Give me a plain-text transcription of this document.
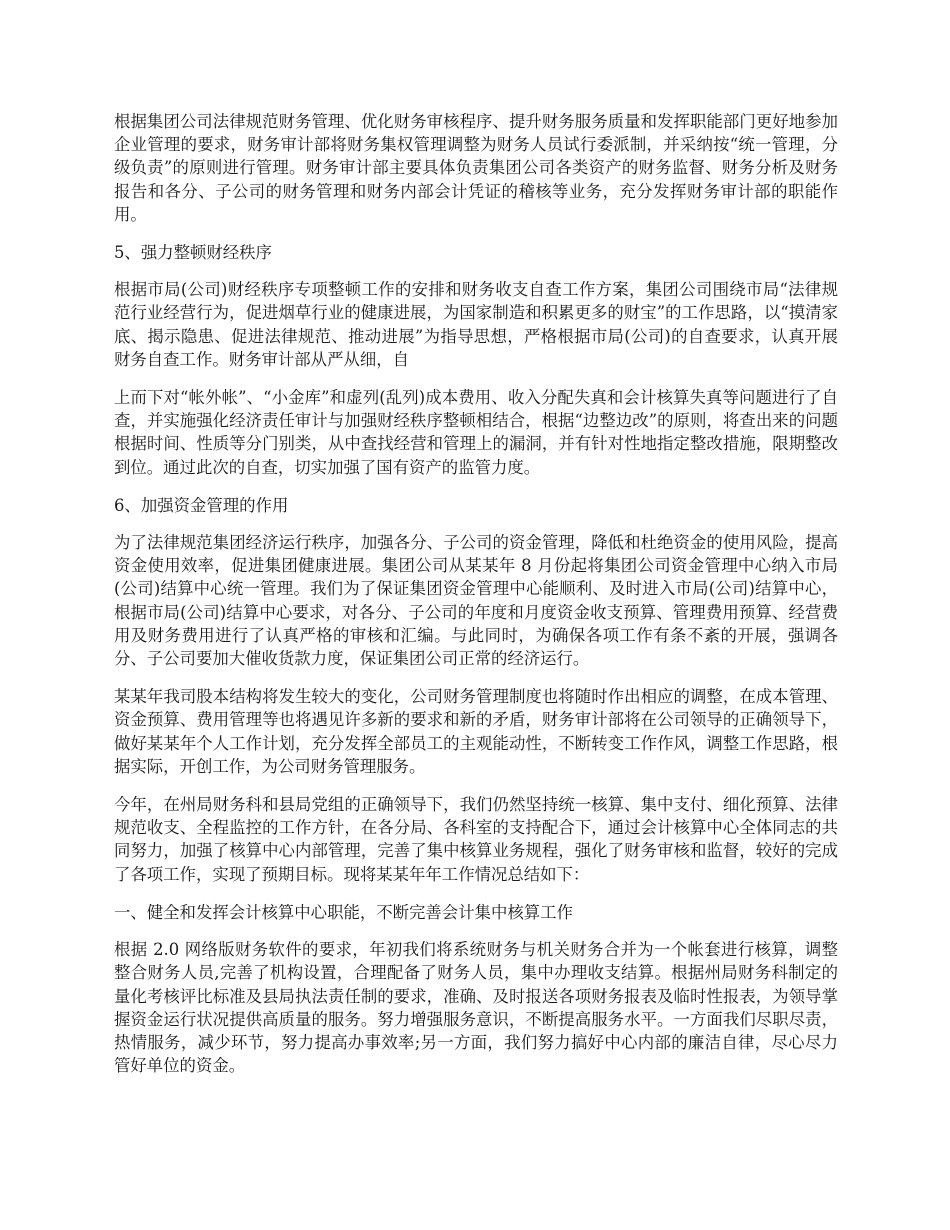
根据集团公司法律规范财务管理、优化财务审核程序、提升财务服务质量和发挥职能部门更好地参加企业管理的要求，财务审计部将财务集权管理调整为财务人员试行委派制，并采纳按“统一管理，分级负责”的原则进行管理。财务审计部主要具体负责集团公司各类资产的财务监督、财务分析及财务报告和各分、子公司的财务管理和财务内部会计凭证的稽核等业务，充分发挥财务审计部的职能作用。

5、强力整顿财经秩序

根据市局(公司)财经秩序专项整顿工作的安排和财务收支自查工作方案，集团公司围绕市局“法律规范行业经营行为，促进烟草行业的健康进展，为国家制造和积累更多的财宝”的工作思路，以“摸清家底、揭示隐患、促进法律规范、推动进展”为指导思想，严格根据市局(公司)的自查要求，认真开展财务自查工作。财务审计部从严从细，自

上而下对“帐外帐”、“小金库”和虚列(乱列)成本费用、收入分配失真和会计核算失真等问题进行了自查，并实施强化经济责任审计与加强财经秩序整顿相结合，根据“边整边改”的原则，将查出来的问题根据时间、性质等分门别类，从中查找经营和管理上的漏洞，并有针对性地指定整改措施，限期整改到位。通过此次的自查，切实加强了国有资产的监管力度。

6、加强资金管理的作用

为了法律规范集团经济运行秩序，加强各分、子公司的资金管理，降低和杜绝资金的使用风险，提高资金使用效率，促进集团健康进展。集团公司从某某年 8 月份起将集团公司资金管理中心纳入市局(公司)结算中心统一管理。我们为了保证集团资金管理中心能顺利、及时进入市局(公司)结算中心，根据市局(公司)结算中心要求，对各分、子公司的年度和月度资金收支预算、管理费用预算、经营费用及财务费用进行了认真严格的审核和汇编。与此同时，为确保各项工作有条不紊的开展，强调各分、子公司要加大催收货款力度，保证集团公司正常的经济运行。

某某年我司股本结构将发生较大的变化，公司财务管理制度也将随时作出相应的调整，在成本管理、资金预算、费用管理等也将遇见许多新的要求和新的矛盾，财务审计部将在公司领导的正确领导下，做好某某年个人工作计划，充分发挥全部员工的主观能动性，不断转变工作作风，调整工作思路，根据实际，开创工作，为公司财务管理服务。

今年，在州局财务科和县局党组的正确领导下，我们仍然坚持统一核算、集中支付、细化预算、法律规范收支、全程监控的工作方针，在各分局、各科室的支持配合下，通过会计核算中心全体同志的共同努力，加强了核算中心内部管理，完善了集中核算业务规程，强化了财务审核和监督，较好的完成了各项工作，实现了预期目标。现将某某年年工作情况总结如下：

一、健全和发挥会计核算中心职能，不断完善会计集中核算工作

根据 2.0 网络版财务软件的要求，年初我们将系统财务与机关财务合并为一个帐套进行核算，调整整合财务人员,完善了机构设置，合理配备了财务人员，集中办理收支结算。根据州局财务科制定的量化考核评比标准及县局执法责任制的要求，准确、及时报送各项财务报表及临时性报表，为领导掌握资金运行状况提供高质量的服务。努力增强服务意识，不断提高服务水平。一方面我们尽职尽责，热情服务，减少环节，努力提高办事效率;另一方面，我们努力搞好中心内部的廉洁自律，尽心尽力管好单位的资金。
